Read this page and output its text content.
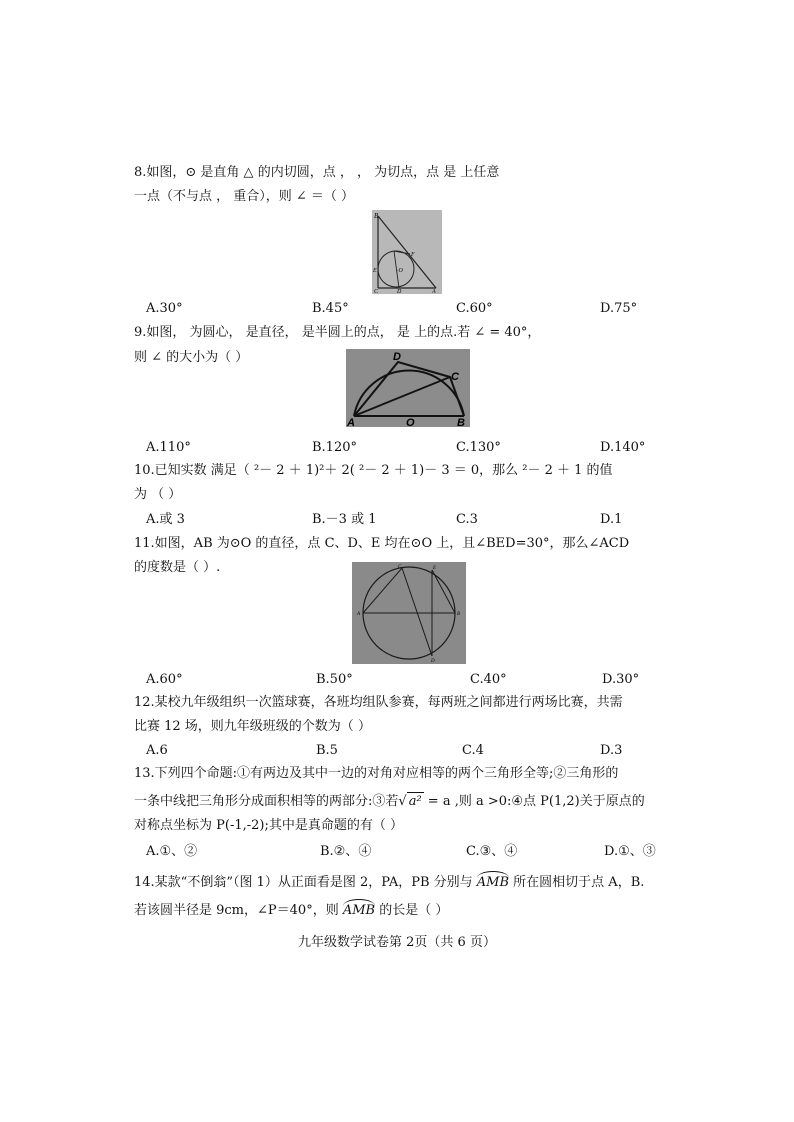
8.如图，⊙ 是直角 △ 的内切圆，点 ， ， 为切点，点 是 上任意
一点（不与点 ， 重合），则 ∠ ＝（ ）
B
F
E	·O
C	D	A
A.30°	B.45°	C.60°	D.75°
9.如图， 为圆心， 是直径， 是半圆上的点， 是 上的点.若 ∠ = 40°，
则 ∠ 的大小为（ ）	D
C
A	O	B
A.110°	B.120°	C.130°	D.140°
10.已知实数 满足（ ²－ 2 ＋ 1)²＋ 2( ²－ 2 ＋ 1)－ 3 ＝ 0，那么 ²－ 2 ＋ 1 的值
为 （ ）
A.或 3	B.－3 或 1	C.3	D.1
11.如图，AB 为⊙O 的直径，点 C、D、E 均在⊙O 上，且∠BED=30°，那么∠ACD
的度数是（ ）.	C	E
A	B
D
A.60°	B.50°	C.40°	D.30°
12.某校九年级组织一次篮球赛，各班均组队参赛，每两班之间都进行两场比赛，共需
比赛 12 场，则九年级班级的个数为（ ）
A.6	B.5	C.4	D.3
13.下列四个命题:①有两边及其中一边的对角对应相等的两个三角形全等;②三角形的
一条中线把三角形分成面积相等的两部分:③若√ a² = a ,则 a >0:④点 P(1,2)关于原点的
对称点坐标为 P(-1,-2);其中是真命题的有（ ）
A.①、②	B.②、④	C.③、④	D.①、③
14.某款“不倒翁”（图 1）从正面看是图 2，PA，PB 分别与 AMB 所在圆相切于点 A，B.
若该圆半径是 9cm，∠P＝40°，则 AMB 的长是（ ）
九年级数学试卷第 2页（共 6 页）
